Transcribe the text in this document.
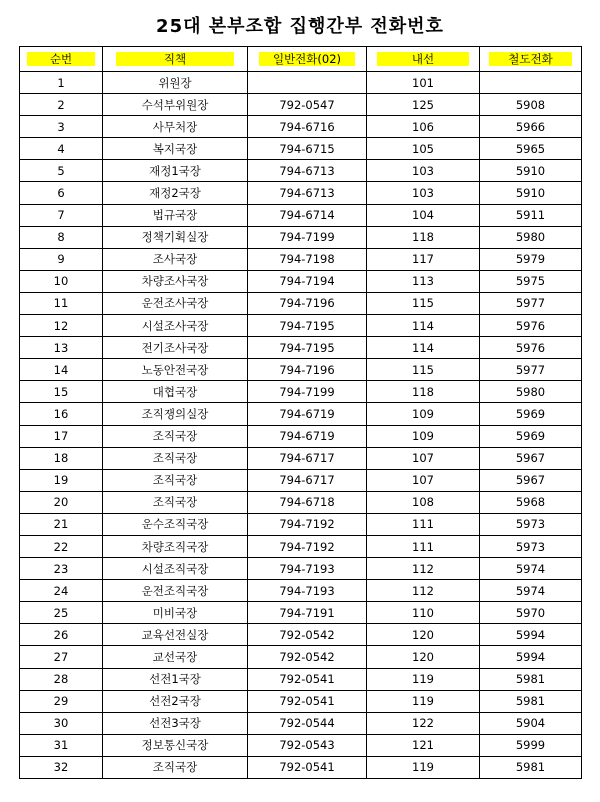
25대 본부조합 집행간부 전화번호
순번	직책	일반전화(02)	내선	철도전화
1	위원장		101	
2	수석부위원장	792-0547	125	5908
3	사무처장	794-6716	106	5966
4	복지국장	794-6715	105	5965
5	재정1국장	794-6713	103	5910
6	재정2국장	794-6713	103	5910
7	법규국장	794-6714	104	5911
8	정책기획실장	794-7199	118	5980
9	조사국장	794-7198	117	5979
10	차량조사국장	794-7194	113	5975
11	운전조사국장	794-7196	115	5977
12	시설조사국장	794-7195	114	5976
13	전기조사국장	794-7195	114	5976
14	노동안전국장	794-7196	115	5977
15	대협국장	794-7199	118	5980
16	조직쟁의실장	794-6719	109	5969
17	조직국장	794-6719	109	5969
18	조직국장	794-6717	107	5967
19	조직국장	794-6717	107	5967
20	조직국장	794-6718	108	5968
21	운수조직국장	794-7192	111	5973
22	차량조직국장	794-7192	111	5973
23	시설조직국장	794-7193	112	5974
24	운전조직국장	794-7193	112	5974
25	미비국장	794-7191	110	5970
26	교육선전실장	792-0542	120	5994
27	교선국장	792-0542	120	5994
28	선전1국장	792-0541	119	5981
29	선전2국장	792-0541	119	5981
30	선전3국장	792-0544	122	5904
31	정보통신국장	792-0543	121	5999
32	조직국장	792-0541	119	5981
